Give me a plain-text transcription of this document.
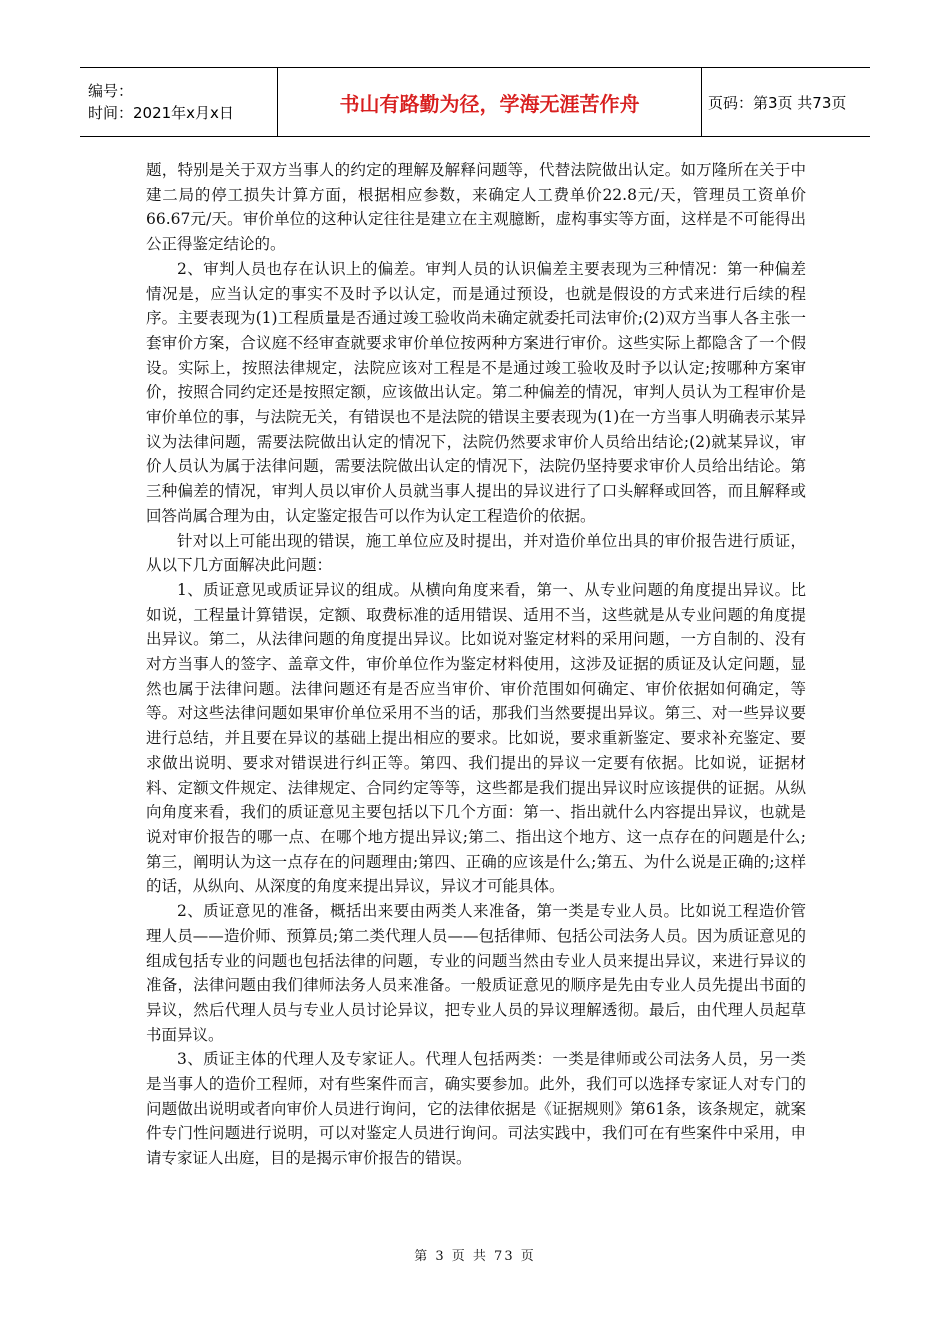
编号：
时间：2021年x月x日	书山有路勤为径，学海无涯苦作舟	页码：第3页 共73页

题，特别是关于双方当事人的约定的理解及解释问题等，代替法院做出认定。如万隆所在关于中建二局的停工损失计算方面，根据相应参数，来确定人工费单价22.8元/天，管理员工资单价66.67元/天。审价单位的这种认定往往是建立在主观臆断，虚构事实等方面，这样是不可能得出公正得鉴定结论的。

2、审判人员也存在认识上的偏差。审判人员的认识偏差主要表现为三种情况：第一种偏差情况是，应当认定的事实不及时予以认定，而是通过预设，也就是假设的方式来进行后续的程序。主要表现为(1)工程质量是否通过竣工验收尚未确定就委托司法审价;(2)双方当事人各主张一套审价方案，合议庭不经审查就要求审价单位按两种方案进行审价。这些实际上都隐含了一个假设。实际上，按照法律规定，法院应该对工程是不是通过竣工验收及时予以认定;按哪种方案审价，按照合同约定还是按照定额，应该做出认定。第二种偏差的情况，审判人员认为工程审价是审价单位的事，与法院无关，有错误也不是法院的错误主要表现为(1)在一方当事人明确表示某异议为法律问题，需要法院做出认定的情况下，法院仍然要求审价人员给出结论;(2)就某异议，审价人员认为属于法律问题，需要法院做出认定的情况下，法院仍坚持要求审价人员给出结论。第三种偏差的情况，审判人员以审价人员就当事人提出的异议进行了口头解释或回答，而且解释或回答尚属合理为由，认定鉴定报告可以作为认定工程造价的依据。

针对以上可能出现的错误，施工单位应及时提出，并对造价单位出具的审价报告进行质证，从以下几方面解决此问题：

1、质证意见或质证异议的组成。从横向角度来看，第一、从专业问题的角度提出异议。比如说，工程量计算错误，定额、取费标准的适用错误、适用不当，这些就是从专业问题的角度提出异议。第二，从法律问题的角度提出异议。比如说对鉴定材料的采用问题，一方自制的、没有对方当事人的签字、盖章文件，审价单位作为鉴定材料使用，这涉及证据的质证及认定问题，显然也属于法律问题。法律问题还有是否应当审价、审价范围如何确定、审价依据如何确定，等等。对这些法律问题如果审价单位采用不当的话，那我们当然要提出异议。第三、对一些异议要进行总结，并且要在异议的基础上提出相应的要求。比如说，要求重新鉴定、要求补充鉴定、要求做出说明、要求对错误进行纠正等。第四、我们提出的异议一定要有依据。比如说，证据材料、定额文件规定、法律规定、合同约定等等，这些都是我们提出异议时应该提供的证据。从纵向角度来看，我们的质证意见主要包括以下几个方面：第一、指出就什么内容提出异议，也就是说对审价报告的哪一点、在哪个地方提出异议;第二、指出这个地方、这一点存在的问题是什么;第三，阐明认为这一点存在的问题理由;第四、正确的应该是什么;第五、为什么说是正确的;这样的话，从纵向、从深度的角度来提出异议，异议才可能具体。

2、质证意见的准备，概括出来要由两类人来准备，第一类是专业人员。比如说工程造价管理人员——造价师、预算员;第二类代理人员——包括律师、包括公司法务人员。因为质证意见的组成包括专业的问题也包括法律的问题，专业的问题当然由专业人员来提出异议，来进行异议的准备，法律问题由我们律师法务人员来准备。一般质证意见的顺序是先由专业人员先提出书面的异议，然后代理人员与专业人员讨论异议，把专业人员的异议理解透彻。最后，由代理人员起草书面异议。

3、质证主体的代理人及专家证人。代理人包括两类：一类是律师或公司法务人员，另一类是当事人的造价工程师，对有些案件而言，确实要参加。此外，我们可以选择专家证人对专门的问题做出说明或者向审价人员进行询问，它的法律依据是《证据规则》第61条，该条规定，就案件专门性问题进行说明，可以对鉴定人员进行询问。司法实践中，我们可在有些案件中采用，申请专家证人出庭，目的是揭示审价报告的错误。

第 3 页 共 73 页
